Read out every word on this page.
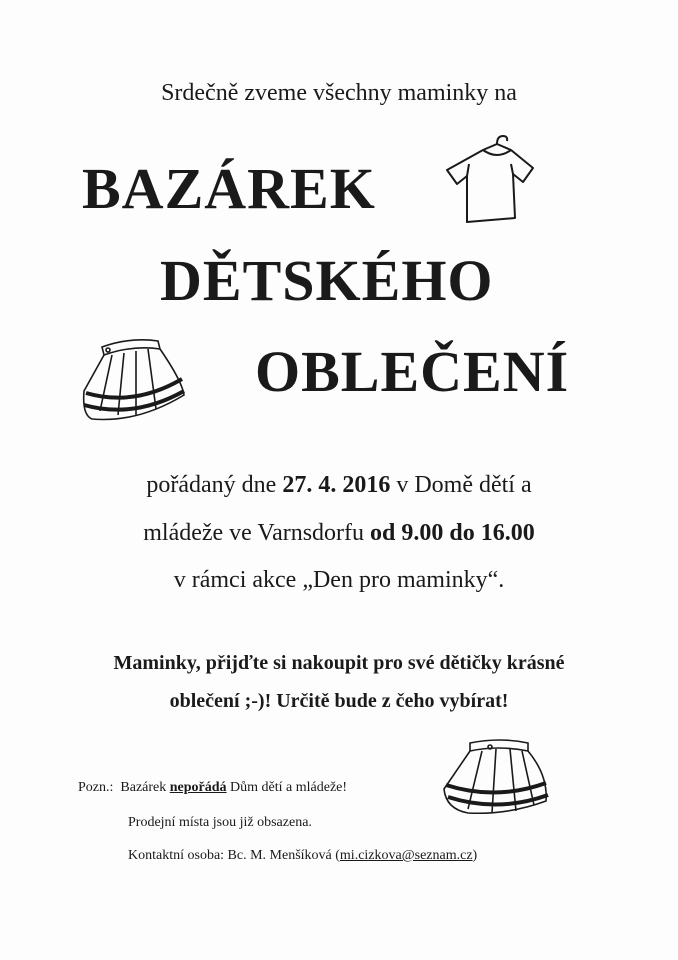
Srdečně zveme všechny maminky na
BAZÁREK
DĚTSKÉHO
OBLEČENÍ
pořádaný dne 27. 4. 2016 v Domě dětí a
mládeže ve Varnsdorfu od 9.00 do 16.00
v rámci akce „Den pro maminky“.
Maminky, přijďte si nakoupit pro své dětičky krásné
oblečení ;-)! Určitě bude z čeho vybírat!
Pozn.: Bazárek nepořádá Dům dětí a mládeže!
Prodejní místa jsou již obsazena.
Kontaktní osoba: Bc. M. Menšíková (mi.cizkova@seznam.cz)
